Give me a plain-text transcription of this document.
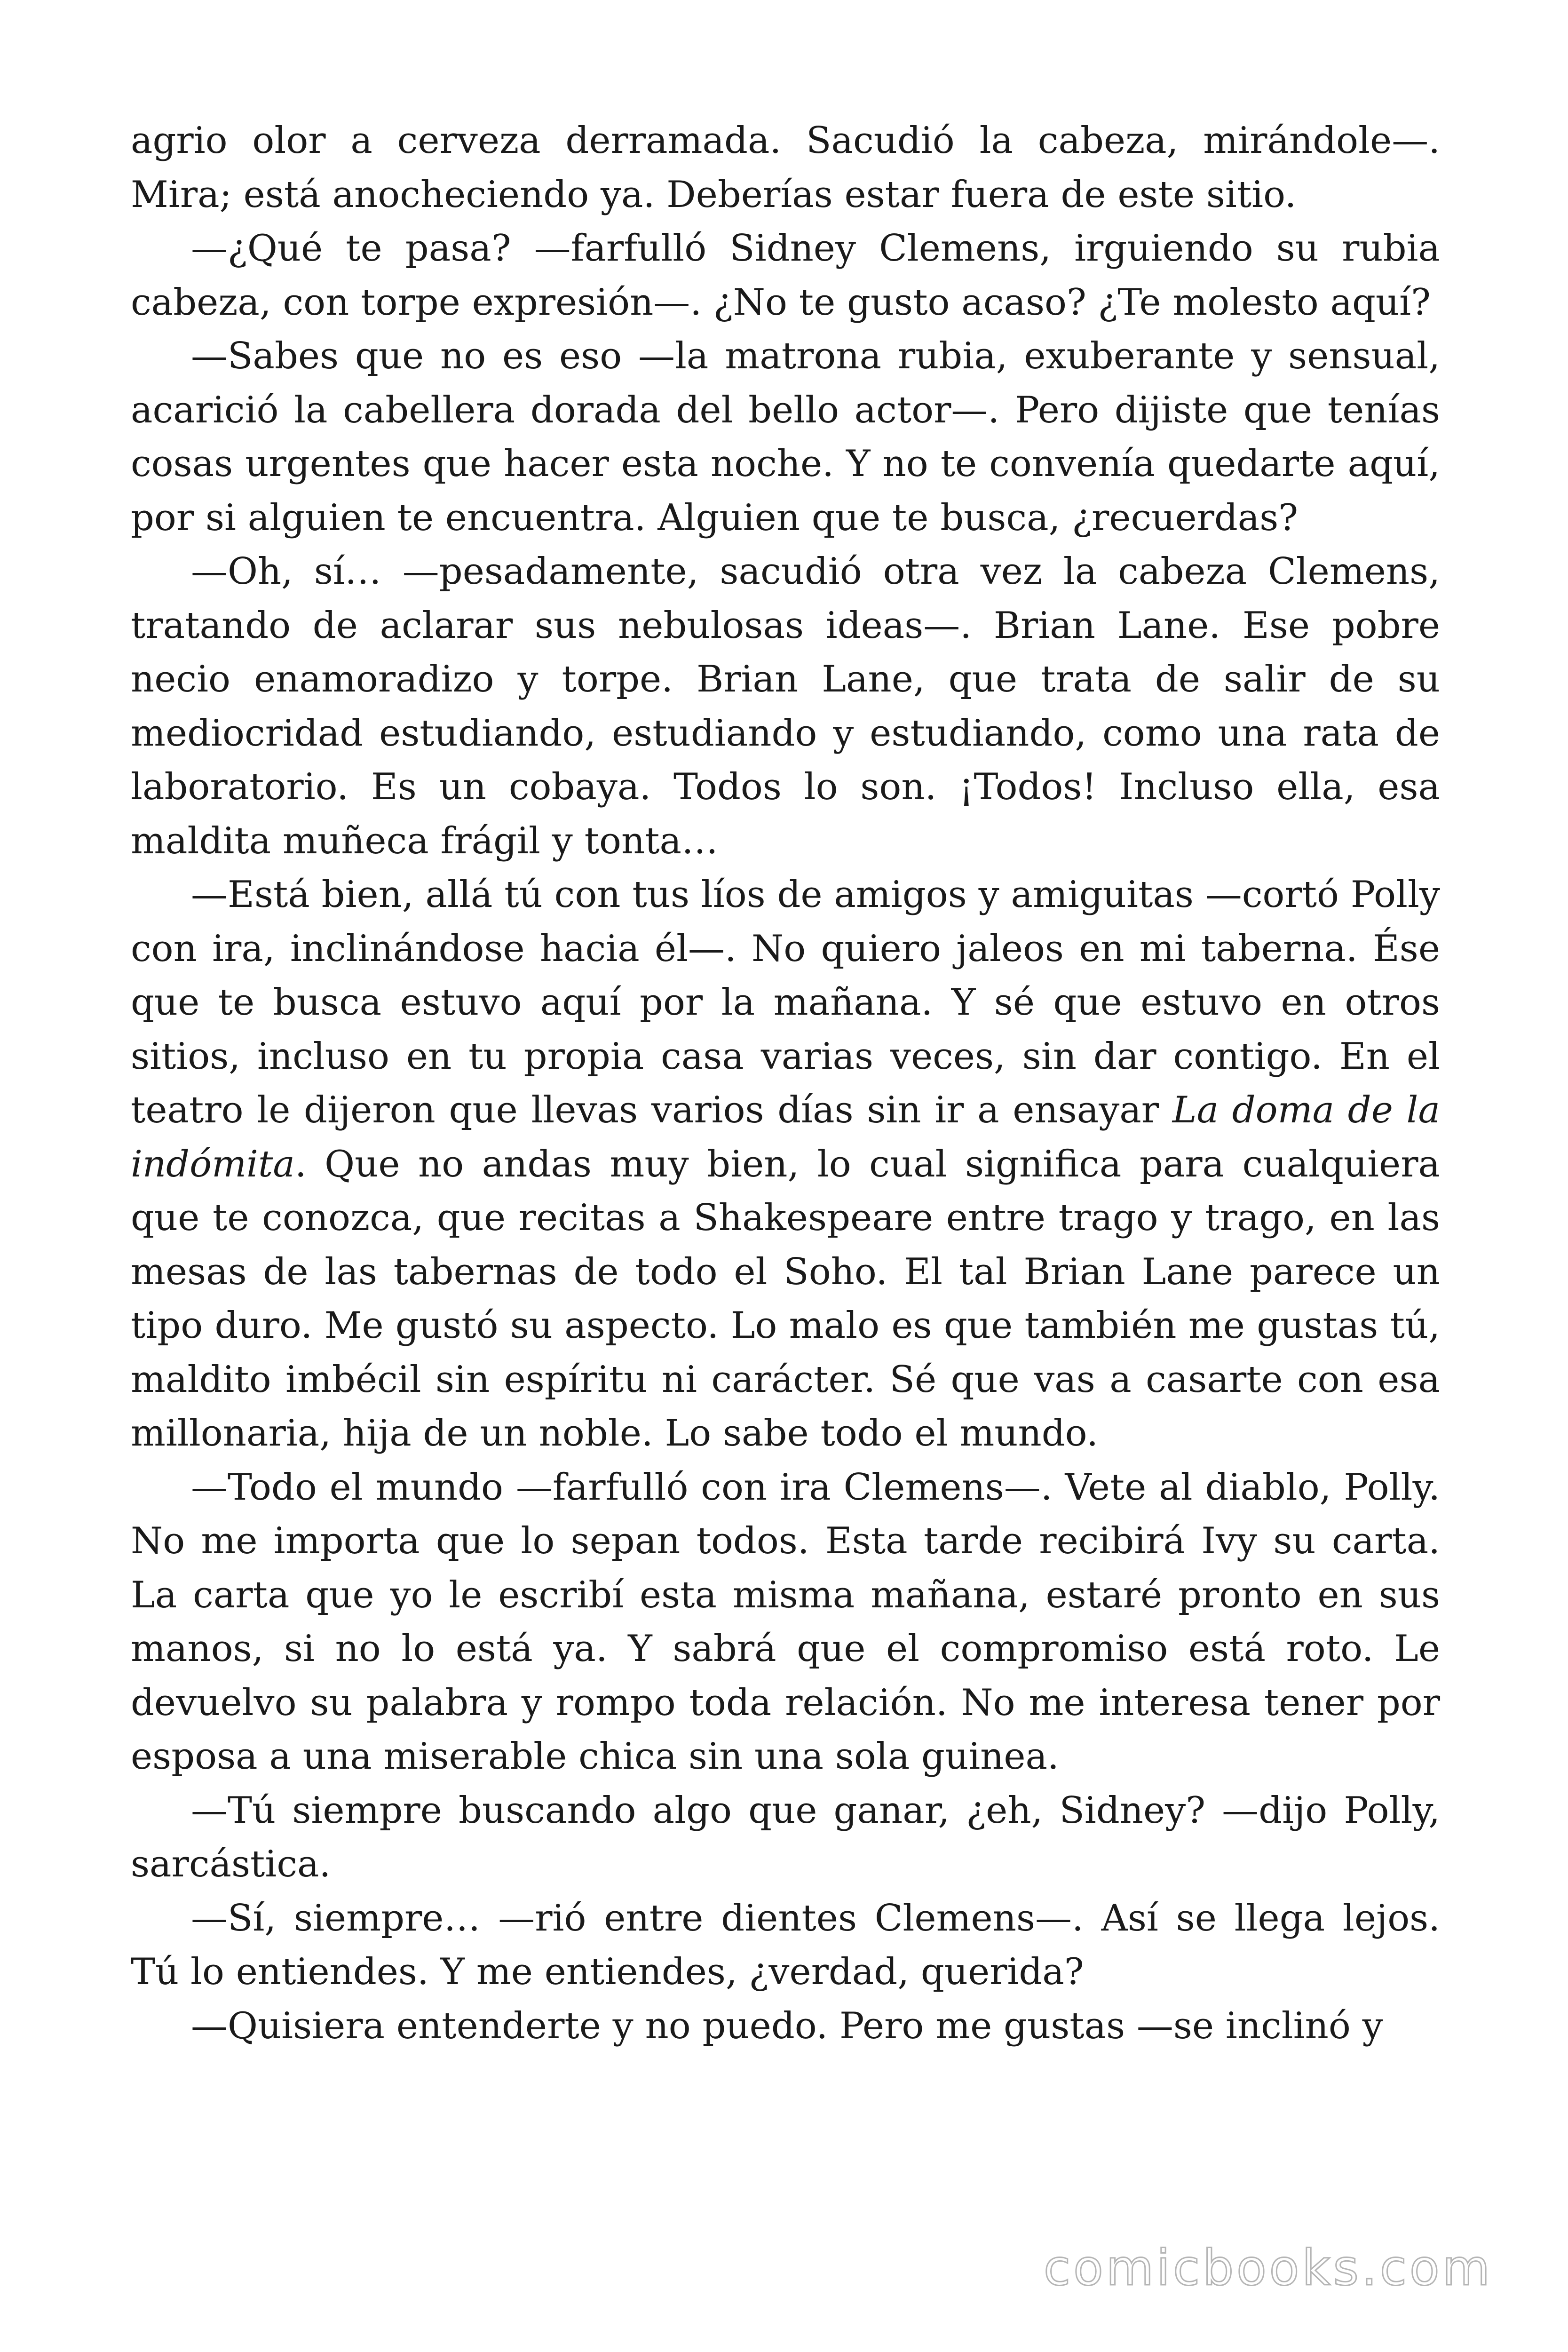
agrio olor a cerveza derramada. Sacudió la cabeza, mirándole—. Mira; está anocheciendo ya. Deberías estar fuera de este sitio.

—¿Qué te pasa? —farfulló Sidney Clemens, irguiendo su rubia cabeza, con torpe expresión—. ¿No te gusto acaso? ¿Te molesto aquí?

—Sabes que no es eso —la matrona rubia, exuberante y sensual, acarició la cabellera dorada del bello actor—. Pero dijiste que tenías cosas urgentes que hacer esta noche. Y no te convenía quedarte aquí, por si alguien te encuentra. Alguien que te busca, ¿recuerdas?

—Oh, sí… —pesadamente, sacudió otra vez la cabeza Clemens, tratando de aclarar sus nebulosas ideas—. Brian Lane. Ese pobre necio enamoradizo y torpe. Brian Lane, que trata de salir de su mediocridad estudiando, estudiando y estudiando, como una rata de laboratorio. Es un cobaya. Todos lo son. ¡Todos! Incluso ella, esa maldita muñeca frágil y tonta…

—Está bien, allá tú con tus líos de amigos y amiguitas —cortó Polly con ira, inclinándose hacia él—. No quiero jaleos en mi taberna. Ése que te busca estuvo aquí por la mañana. Y sé que estuvo en otros sitios, incluso en tu propia casa varias veces, sin dar contigo. En el teatro le dijeron que llevas varios días sin ir a ensayar La doma de la indómita. Que no andas muy bien, lo cual significa para cualquiera que te conozca, que recitas a Shakespeare entre trago y trago, en las mesas de las tabernas de todo el Soho. El tal Brian Lane parece un tipo duro. Me gustó su aspecto. Lo malo es que también me gustas tú, maldito imbécil sin espíritu ni carácter. Sé que vas a casarte con esa millonaria, hija de un noble. Lo sabe todo el mundo.

—Todo el mundo —farfulló con ira Clemens—. Vete al diablo, Polly. No me importa que lo sepan todos. Esta tarde recibirá Ivy su carta. La carta que yo le escribí esta misma mañana, estaré pronto en sus manos, si no lo está ya. Y sabrá que el compromiso está roto. Le devuelvo su palabra y rompo toda relación. No me interesa tener por esposa a una miserable chica sin una sola guinea.

—Tú siempre buscando algo que ganar, ¿eh, Sidney? —dijo Polly, sarcástica.

—Sí, siempre… —rió entre dientes Clemens—. Así se llega lejos. Tú lo entiendes. Y me entiendes, ¿verdad, querida?

—Quisiera entenderte y no puedo. Pero me gustas —se inclinó y

comicbooks.com
